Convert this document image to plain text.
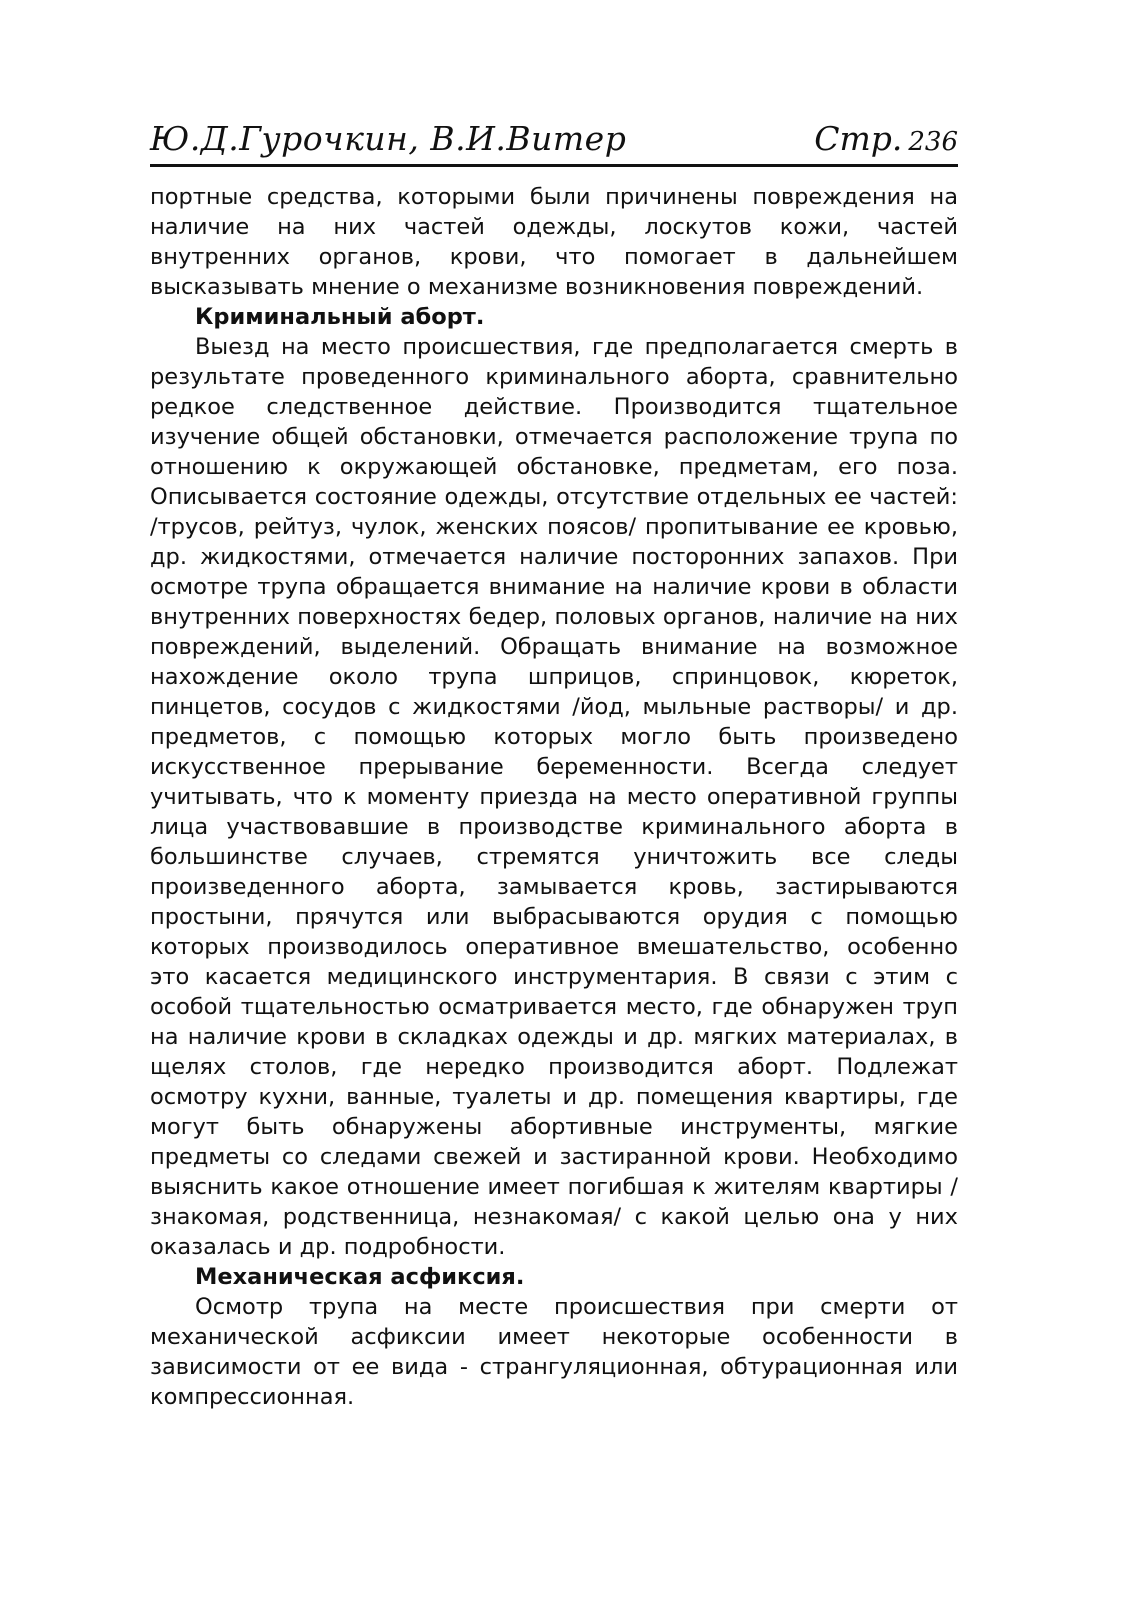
Ю.Д.Гурочкин, В.И.Витер	Стр. 236

портные средства, которыми были причинены повреждения на наличие на них частей одежды, лоскутов кожи, частей внутренних органов, крови, что помогает в дальнейшем высказывать мнение о механизме возникновения повреждений.

Криминальный аборт.

Выезд на место происшествия, где предполагается смерть в результате проведенного криминального аборта, сравнительно редкое следственное действие. Производится тщательное изучение общей обстановки, отмечается расположение трупа по отношению к окружающей обстановке, предметам, его поза. Описывается состояние одежды, отсутствие отдельных ее частей: /трусов, рейтуз, чулок, женских поясов/ пропитывание ее кровью, др. жидкостями, отмечается наличие посторонних запахов. При осмотре трупа обращается внимание на наличие крови в области внутренних поверхностях бедер, половых органов, наличие на них повреждений, выделений. Обращать внимание на возможное нахождение около трупа шприцов, спринцовок, кюреток, пинцетов, сосудов с жидкостями /йод, мыльные растворы/ и др. предметов, с помощью которых могло быть произведено искусственное прерывание беременности. Всегда следует учитывать, что к моменту приезда на место оперативной группы лица участвовавшие в производстве криминального аборта в большинстве случаев, стремятся уничтожить все следы произведенного аборта, замывается кровь, застирываются простыни, прячутся или выбрасываются орудия с помощью которых производилось оперативное вмешательство, особенно это касается медицинского инструментария. В связи с этим с особой тщательностью осматривается место, где обнаружен труп на наличие крови в складках одежды и др. мягких материалах, в щелях столов, где нередко производится аборт. Подлежат осмотру кухни, ванные, туалеты и др. помещения квартиры, где могут быть обнаружены абортивные инструменты, мягкие предметы со следами свежей и застиранной крови. Необходимо выяснить какое отношение имеет погибшая к жителям квартиры /знакомая, родственница, незнакомая/ с какой целью она у них оказалась и др. подробности.

Механическая асфиксия.

Осмотр трупа на месте происшествия при смерти от механической асфиксии имеет некоторые особенности в зависимости от ее вида - странгуляционная, обтурационная или компрессионная.
